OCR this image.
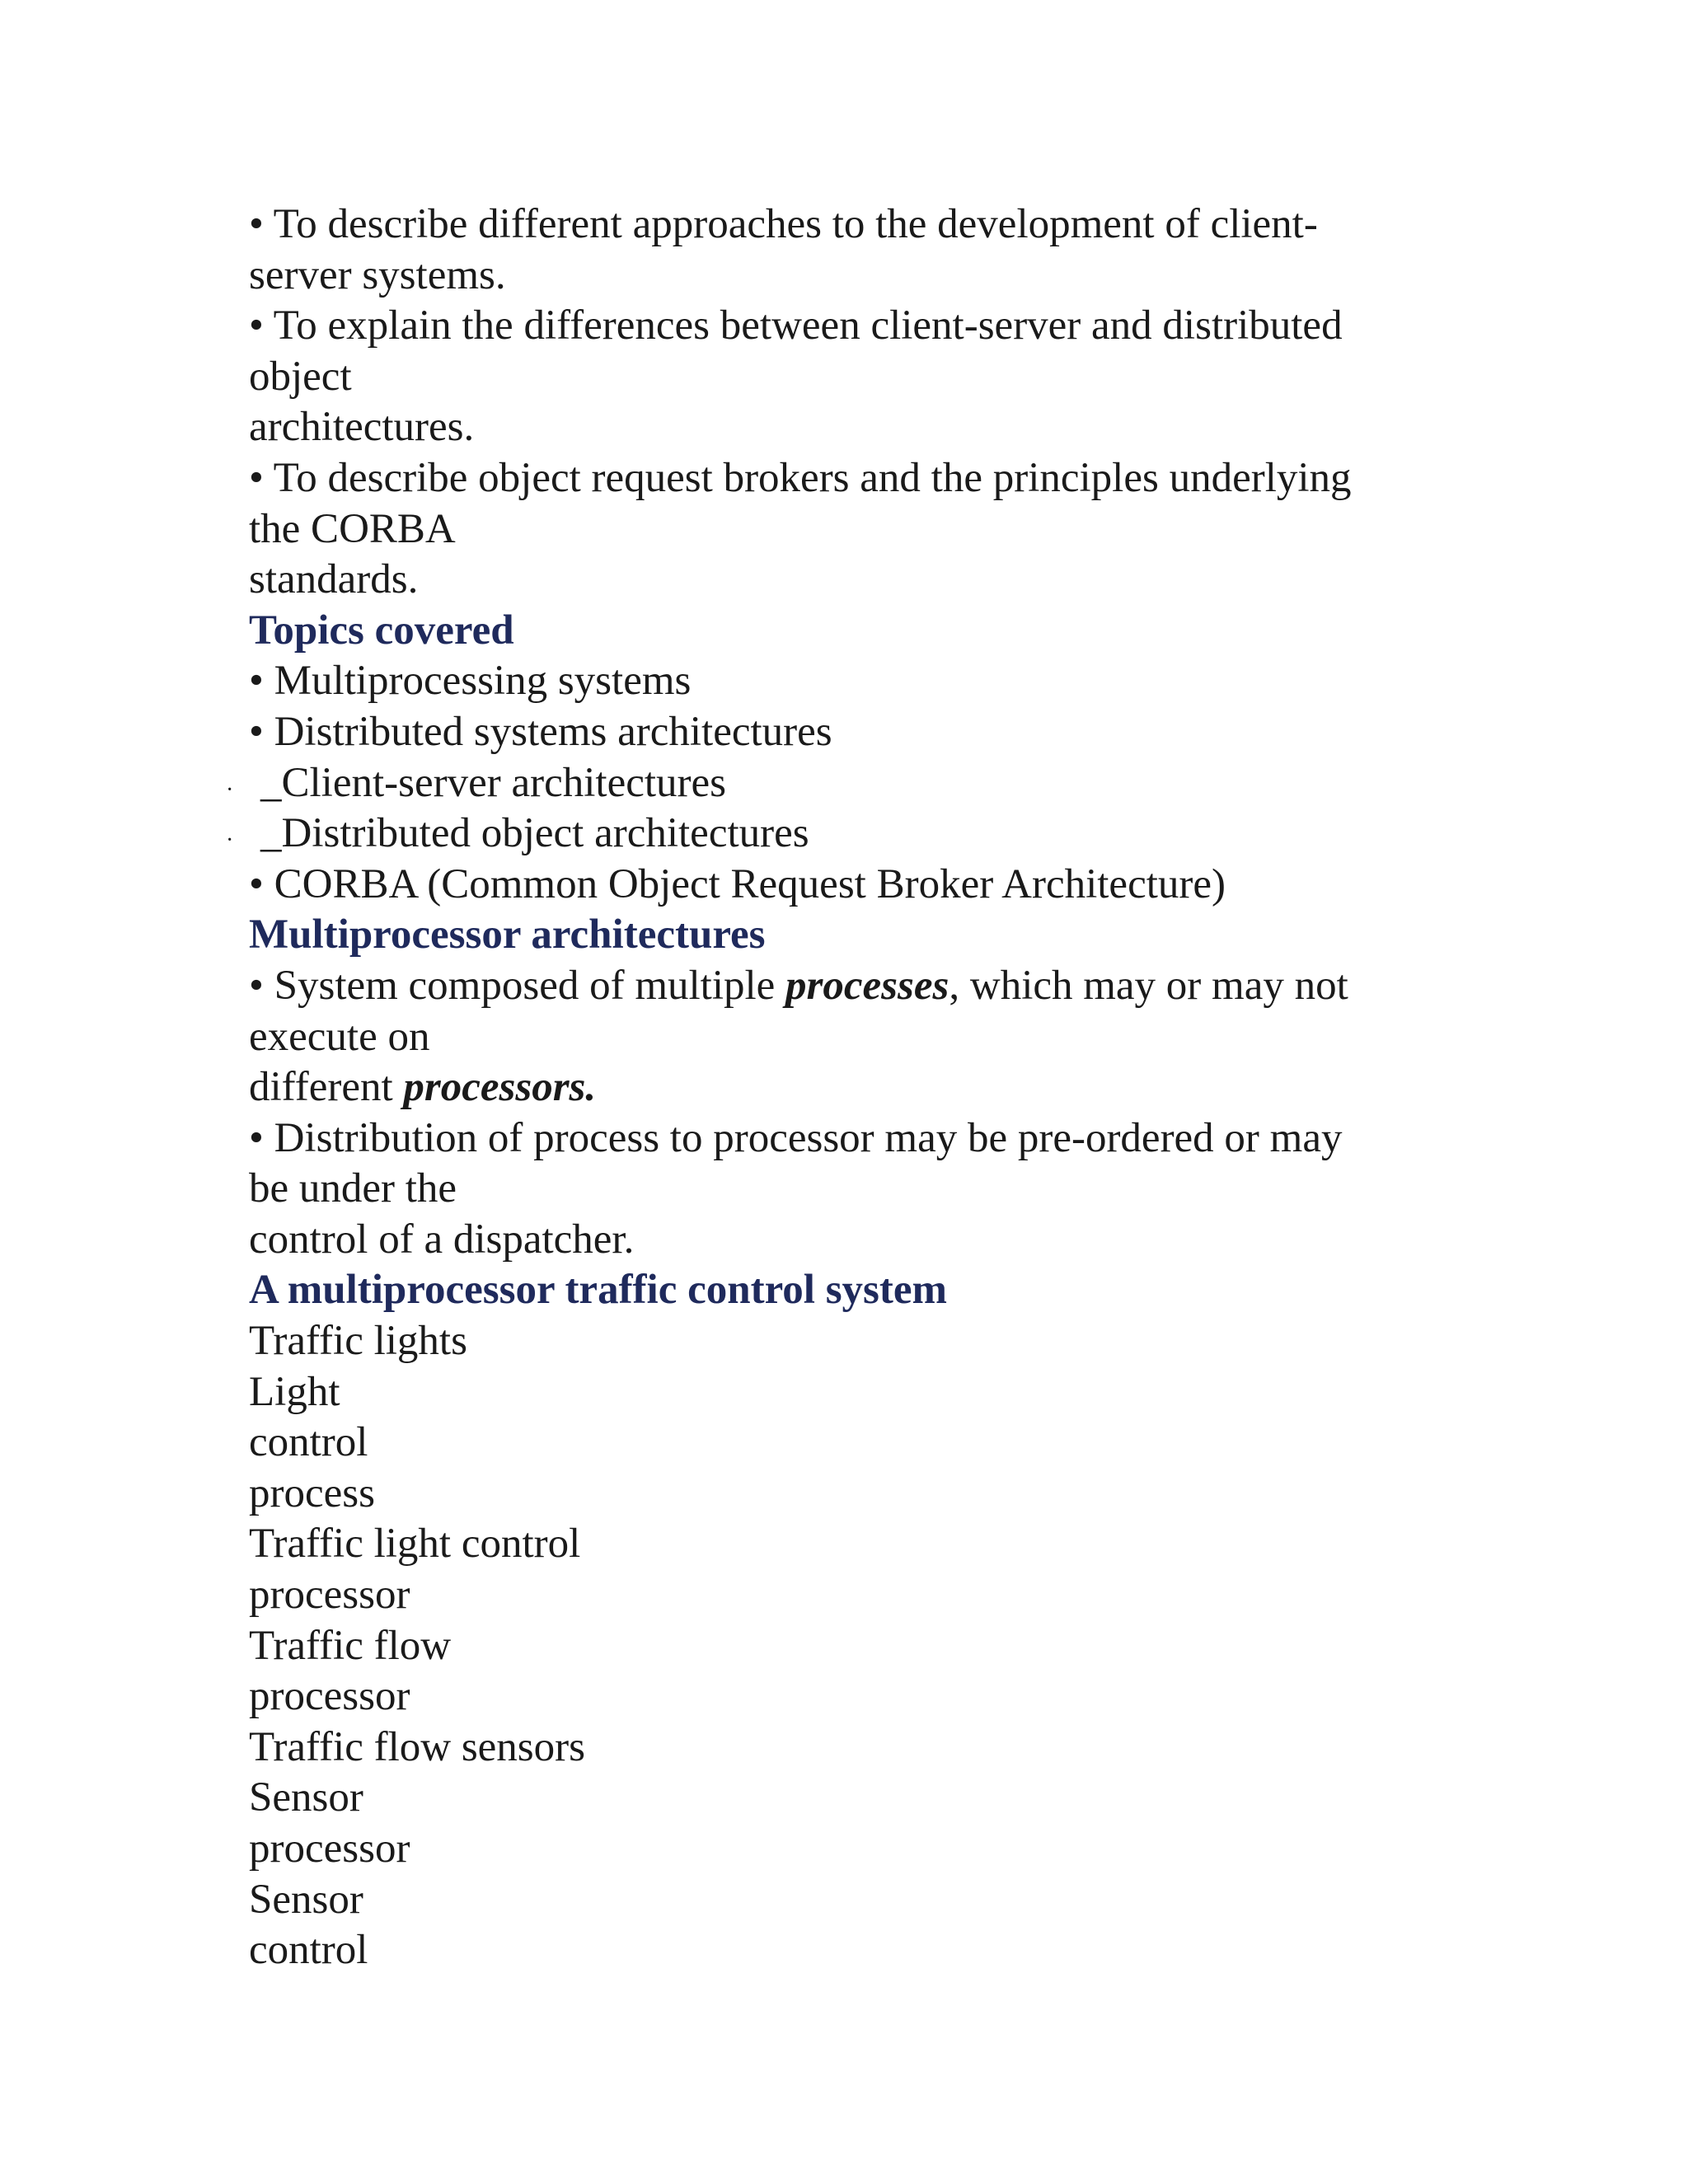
• To describe different approaches to the development of client-
server systems.
• To explain the differences between client-server and distributed
object
architectures.
• To describe object request brokers and the principles underlying
the CORBA
standards.
Topics covered
• Multiprocessing systems
• Distributed systems architectures
· _Client-server architectures
· _Distributed object architectures
• CORBA (Common Object Request Broker Architecture)
Multiprocessor architectures
• System composed of multiple processes, which may or may not
execute on
different processors.
• Distribution of process to processor may be pre-ordered or may
be under the
control of a dispatcher.
A multiprocessor traffic control system
Traffic lights
Light
control
process
Traffic light control
processor
Traffic flow
processor
Traffic flow sensors
Sensor
processor
Sensor
control
